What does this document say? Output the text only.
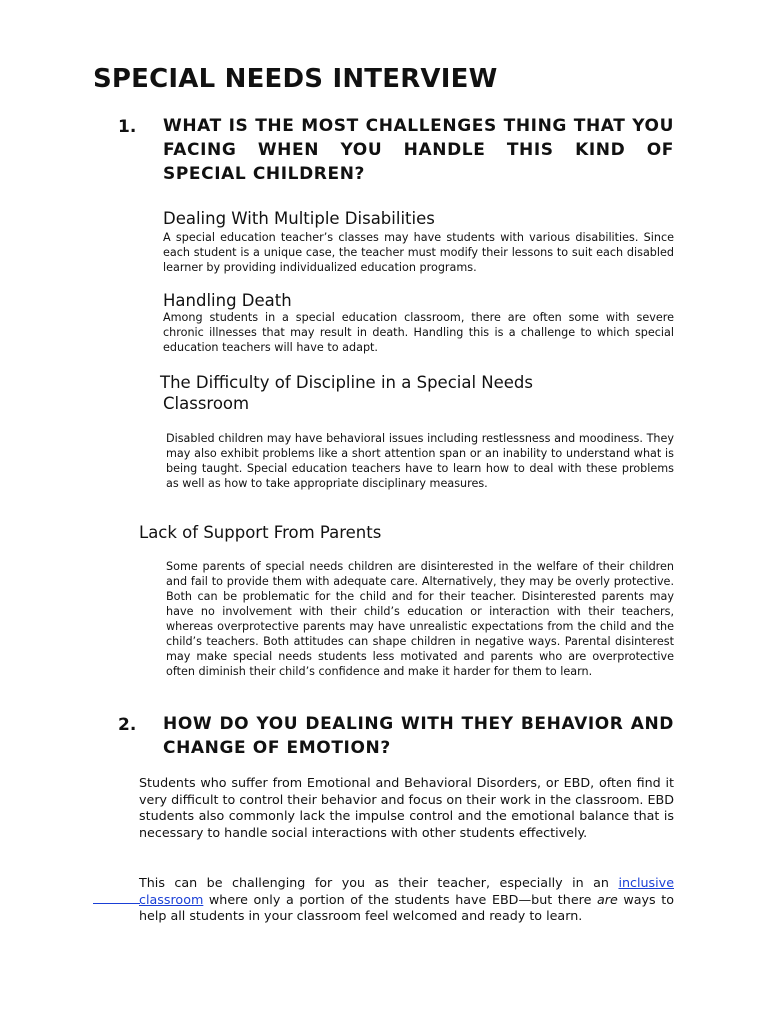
SPECIAL NEEDS INTERVIEW
1. WHAT IS THE MOST CHALLENGES THING THAT YOU FACING WHEN YOU HANDLE THIS KIND OF SPECIAL CHILDREN?
Dealing With Multiple Disabilities
A special education teacher’s classes may have students with various disabilities. Since each student is a unique case, the teacher must modify their lessons to suit each disabled learner by providing individualized education programs.
Handling Death
Among students in a special education classroom, there are often some with severe chronic illnesses that may result in death. Handling this is a challenge to which special education teachers will have to adapt.
The Difficulty of Discipline in a Special Needs
Classroom
Disabled children may have behavioral issues including restlessness and moodiness. They may also exhibit problems like a short attention span or an inability to understand what is being taught. Special education teachers have to learn how to deal with these problems as well as how to take appropriate disciplinary measures.
Lack of Support From Parents
Some parents of special needs children are disinterested in the welfare of their children and fail to provide them with adequate care. Alternatively, they may be overly protective. Both can be problematic for the child and for their teacher. Disinterested parents may have no involvement with their child’s education or interaction with their teachers, whereas overprotective parents may have unrealistic expectations from the child and the child’s teachers. Both attitudes can shape children in negative ways. Parental disinterest may make special needs students less motivated and parents who are overprotective often diminish their child’s confidence and make it harder for them to learn.
2. HOW DO YOU DEALING WITH THEY BEHAVIOR AND CHANGE OF EMOTION?
Students who suffer from Emotional and Behavioral Disorders, or EBD, often find it very difficult to control their behavior and focus on their work in the classroom. EBD students also commonly lack the impulse control and the emotional balance that is necessary to handle social interactions with other students effectively.
This can be challenging for you as their teacher, especially in an inclusive classroom where only a portion of the students have EBD—but there are ways to help all students in your classroom feel welcomed and ready to learn.
